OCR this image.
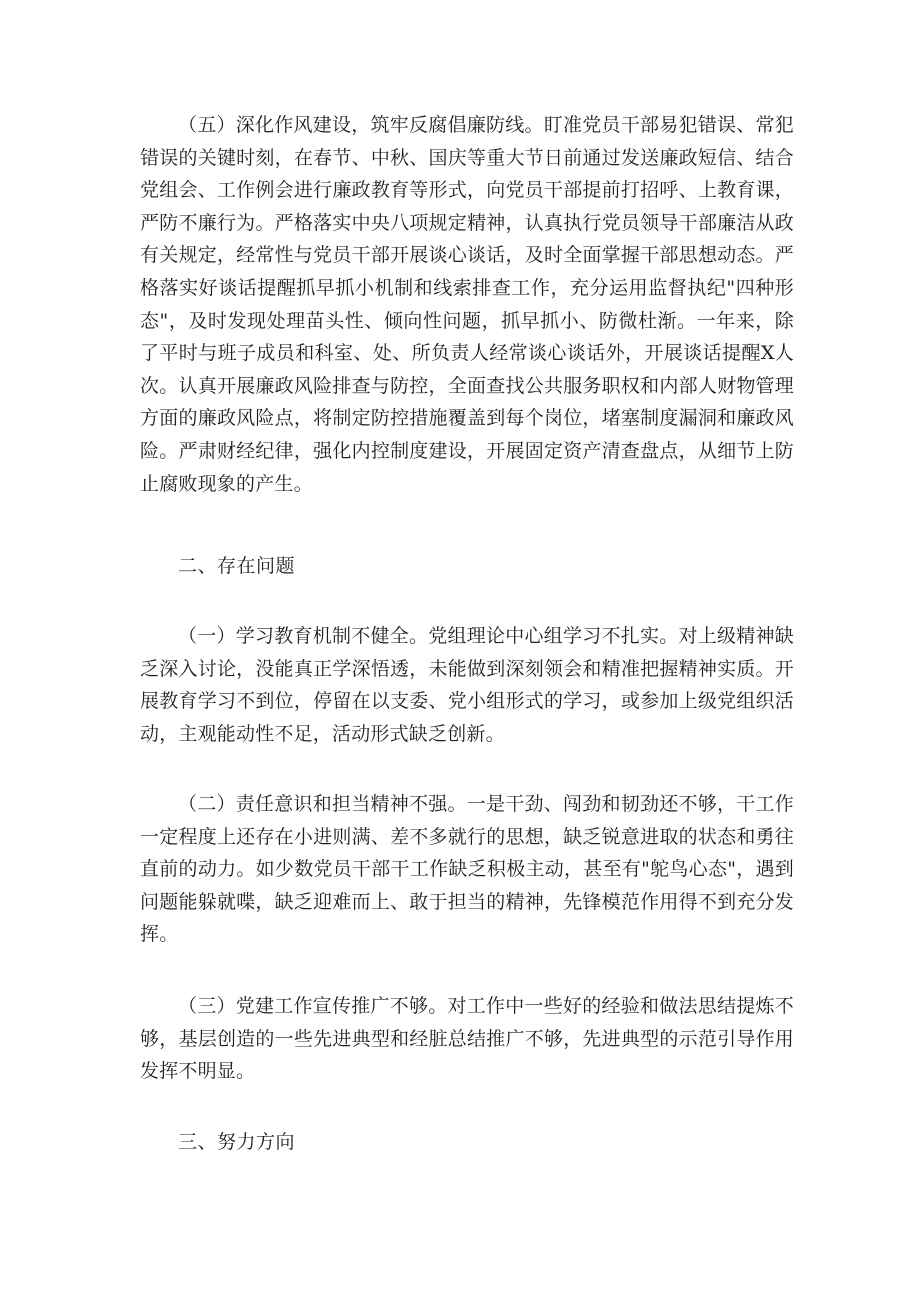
（五）深化作风建设，筑牢反腐倡廉防线。盯准党员干部易犯错误、常犯错误的关键时刻，在春节、中秋、国庆等重大节日前通过发送廉政短信、结合党组会、工作例会进行廉政教育等形式，向党员干部提前打招呼、上教育课，严防不廉行为。严格落实中央八项规定精神，认真执行党员领导干部廉洁从政有关规定，经常性与党员干部开展谈心谈话，及时全面掌握干部思想动态。严格落实好谈话提醒抓早抓小机制和线索排查工作，充分运用监督执纪"四种形态"，及时发现处理苗头性、倾向性问题，抓早抓小、防微杜渐。一年来，除了平时与班子成员和科室、处、所负责人经常谈心谈话外，开展谈话提醒X人次。认真开展廉政风险排查与防控，全面查找公共服务职权和内部人财物管理方面的廉政风险点，将制定防控措施覆盖到每个岗位，堵塞制度漏洞和廉政风险。严肃财经纪律，强化内控制度建设，开展固定资产清查盘点，从细节上防止腐败现象的产生。

二、存在问题

（一）学习教育机制不健全。党组理论中心组学习不扎实。对上级精神缺乏深入讨论，没能真正学深悟透，未能做到深刻领会和精准把握精神实质。开展教育学习不到位，停留在以支委、党小组形式的学习，或参加上级党组织活动，主观能动性不足，活动形式缺乏创新。

（二）责任意识和担当精神不强。一是干劲、闯劲和韧劲还不够，干工作一定程度上还存在小进则满、差不多就行的思想，缺乏锐意进取的状态和勇往直前的动力。如少数党员干部干工作缺乏积极主动，甚至有"鸵鸟心态"，遇到问题能躲就喋，缺乏迎难而上、敢于担当的精神，先锋模范作用得不到充分发挥。

（三）党建工作宣传推广不够。对工作中一些好的经验和做法思结提炼不够，基层创造的一些先进典型和经脏总结推广不够，先进典型的示范引导作用发挥不明显。

三、努力方向
